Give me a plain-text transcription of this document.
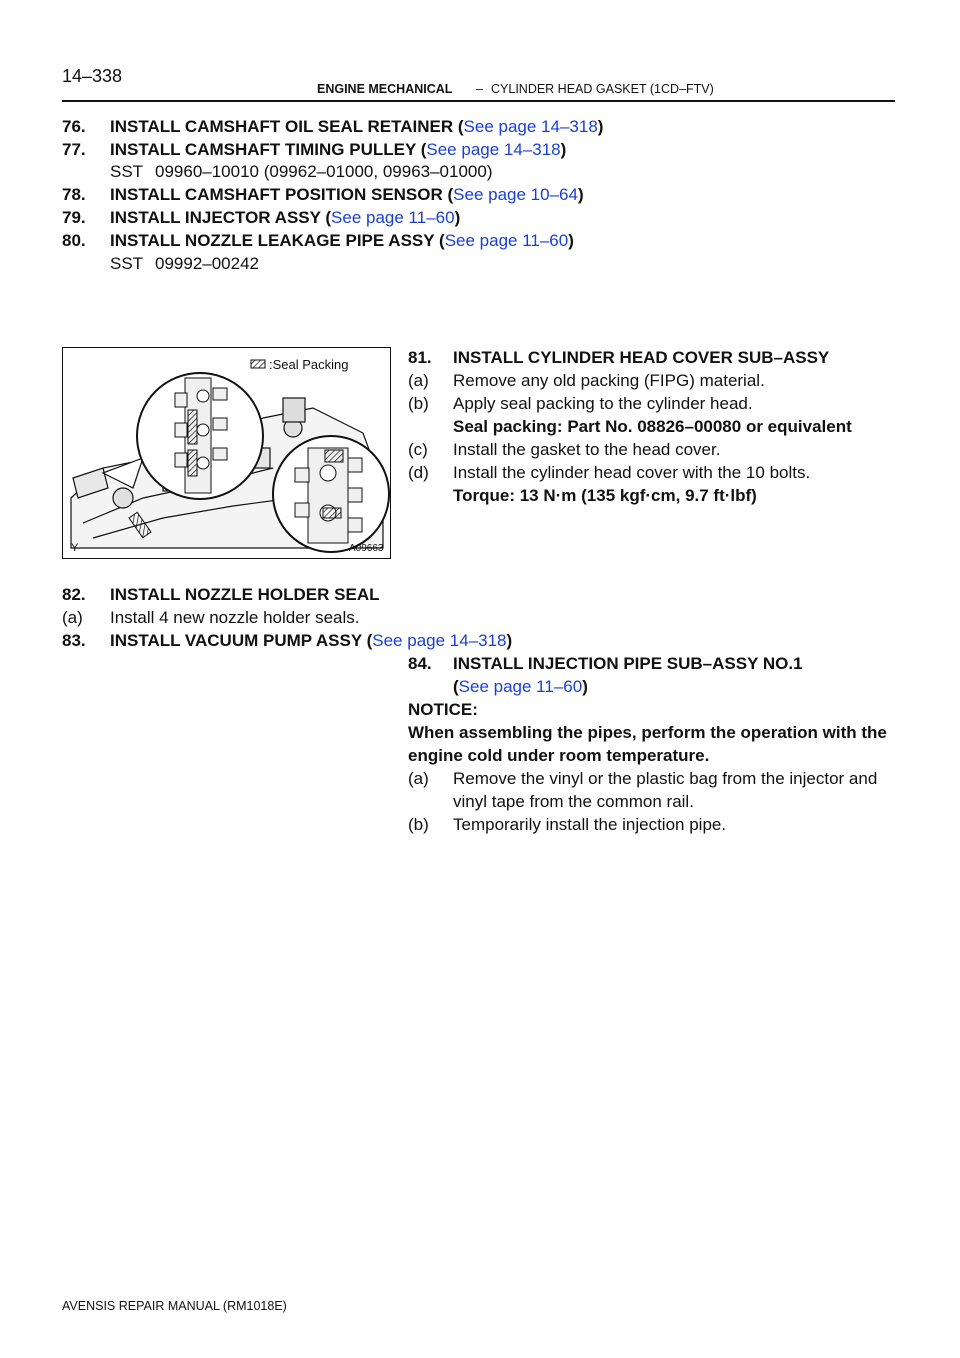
14–338
ENGINE MECHANICAL – CYLINDER HEAD GASKET (1CD–FTV)
76. INSTALL CAMSHAFT OIL SEAL RETAINER (See page 14–318)
77. INSTALL CAMSHAFT TIMING PULLEY (See page 14–318)
SST 09960–10010 (09962–01000, 09963–01000)
78. INSTALL CAMSHAFT POSITION SENSOR (See page 10–64)
79. INSTALL INJECTOR ASSY (See page 11–60)
80. INSTALL NOZZLE LEAKAGE PIPE ASSY (See page 11–60)
SST 09992–00242
:Seal Packing
Y	A09663
81. INSTALL CYLINDER HEAD COVER SUB–ASSY
(a) Remove any old packing (FIPG) material.
(b) Apply seal packing to the cylinder head.
Seal packing: Part No. 08826–00080 or equivalent
(c) Install the gasket to the head cover.
(d) Install the cylinder head cover with the 10 bolts.
Torque: 13 N·m (135 kgf·cm, 9.7 ft·lbf)
82. INSTALL NOZZLE HOLDER SEAL
(a) Install 4 new nozzle holder seals.
83. INSTALL VACUUM PUMP ASSY (See page 14–318)
84. INSTALL INJECTION PIPE SUB–ASSY NO.1
(See page 11–60)
NOTICE:
When assembling the pipes, perform the operation with the
engine cold under room temperature.
(a) Remove the vinyl or the plastic bag from the injector and
vinyl tape from the common rail.
(b) Temporarily install the injection pipe.
AVENSIS REPAIR MANUAL (RM1018E)
